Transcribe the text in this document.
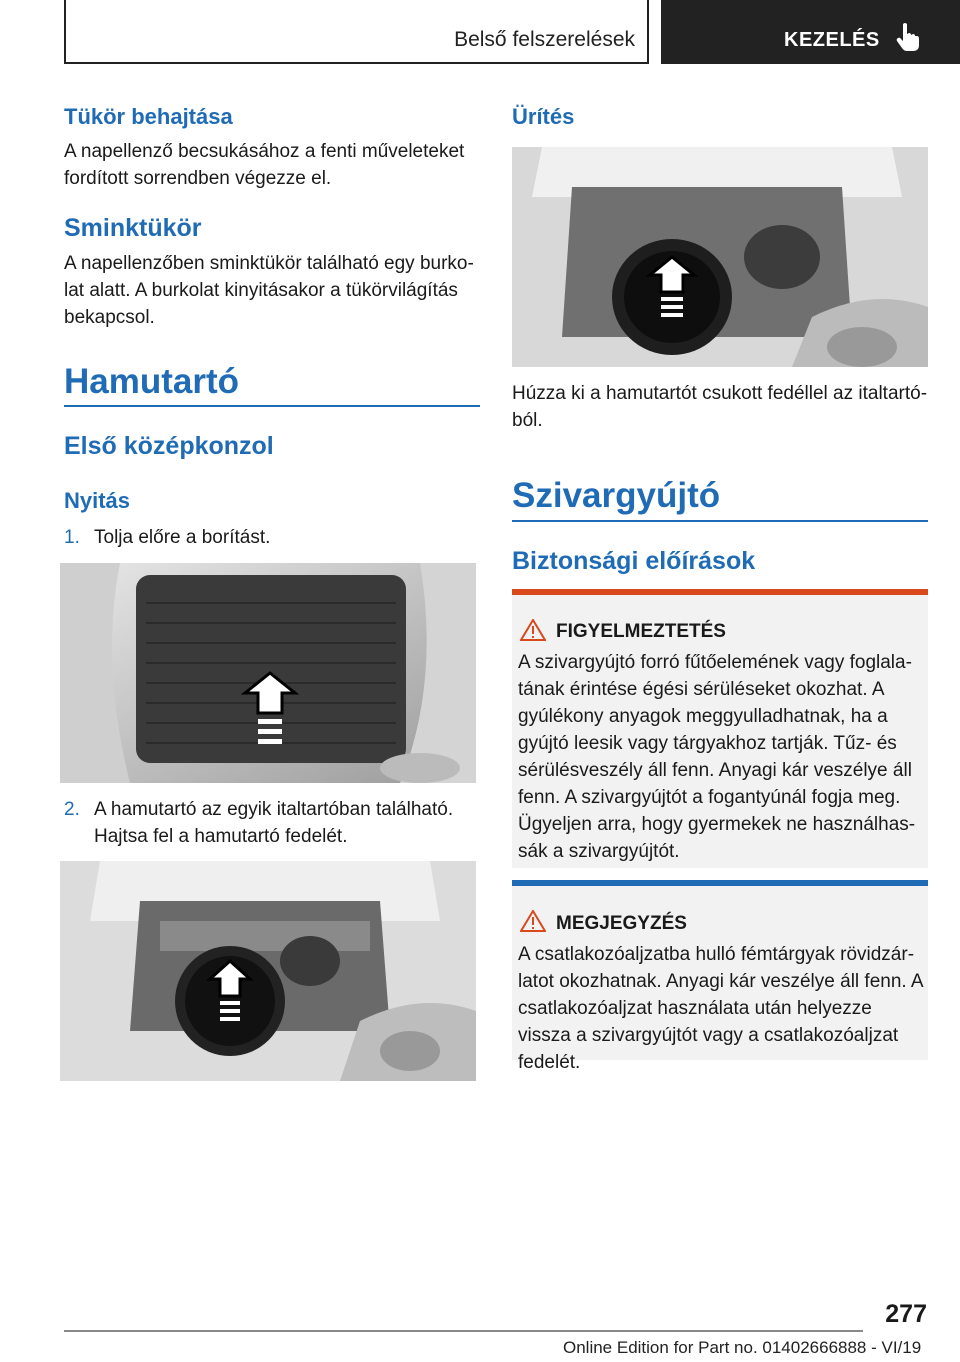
Belső felszerelések	KEZELÉS
Tükör behajtása

A napellenző becsukásához a fenti műveleteket fordított sorrendben végezze el.

Sminktükör

A napellenzőben sminktükör található egy burkolat alatt. A burkolat kinyitásakor a tükörvilágítás bekapcsol.

Hamutartó
Első középkonzol
Nyitás

1. Tolja előre a borítást.

2. A hamutartó az egyik italtartóban található. Hajtsa fel a hamutartó fedelét.

Ürítés

Húzza ki a hamutartót csukott fedéllel az italtartóból.

Szivargyújtó
Biztonsági előírások
FIGYELMEZTETÉS
A szivargyújtó forró fűtőelemének vagy foglalatának érintése égési sérüléseket okozhat. A gyúlékony anyagok meggyulladhatnak, ha a gyújtó leesik vagy tárgyakhoz tartják. Tűz- és sérülésveszély áll fenn. Anyagi kár veszélye áll fenn. A szivargyújtót a fogantyúnál fogja meg. Ügyeljen arra, hogy gyermekek ne használhassák a szivargyújtót.
MEGJEGYZÉS
A csatlakozóaljzatba hulló fémtárgyak rövidzárlatot okozhatnak. Anyagi kár veszélye áll fenn. A csatlakozóaljzat használata után helyezze vissza a szivargyújtót vagy a csatlakozóaljzat fedelét.
277
Online Edition for Part no. 01402666888 - VI/19
